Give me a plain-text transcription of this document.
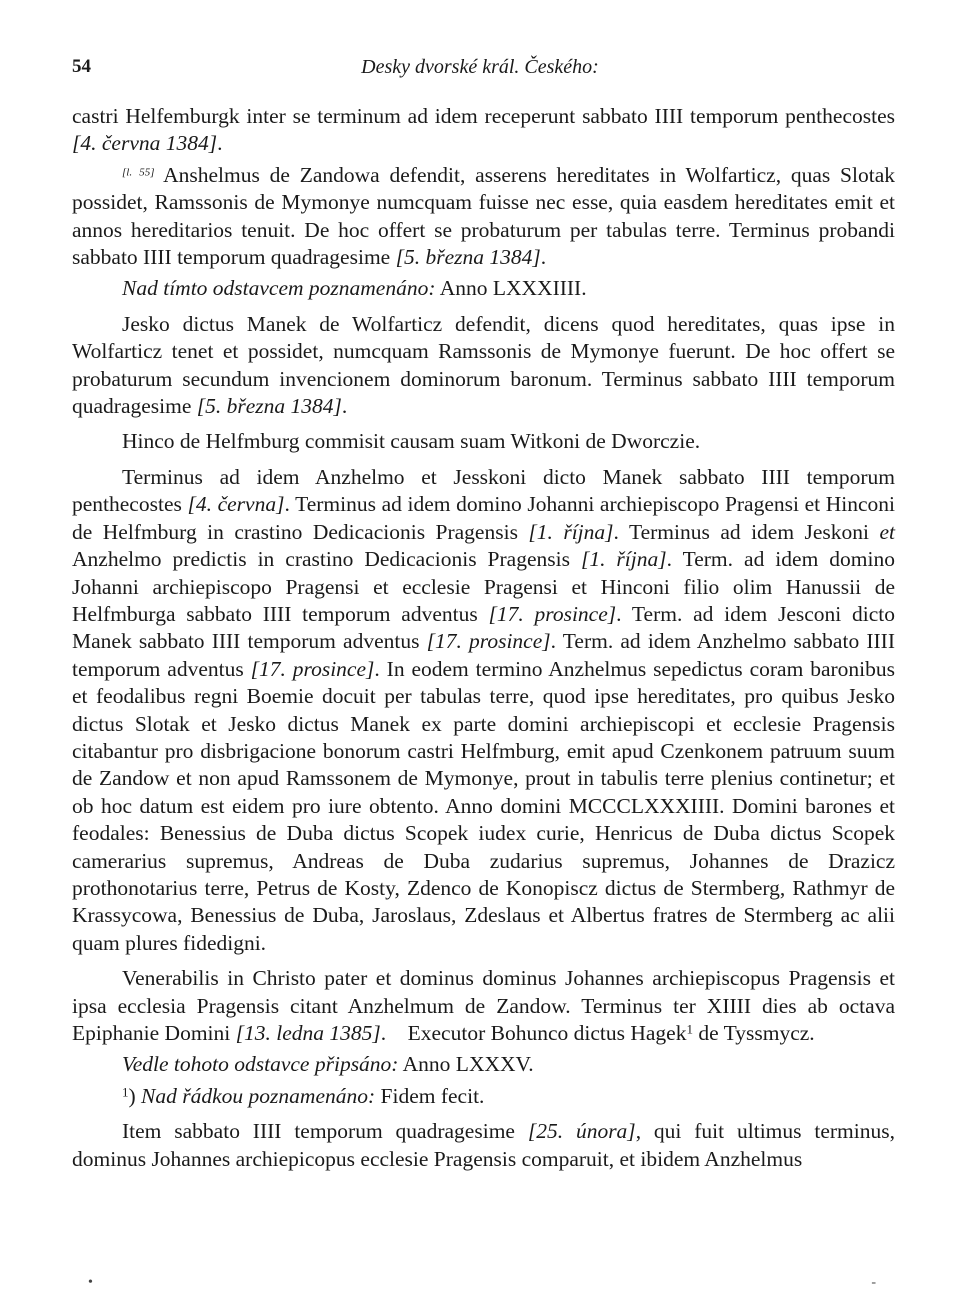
54	Desky dvorské král. Českého:

castri Helfemburgk inter se terminum ad idem receperunt sabbato IIII temporum penthecostes [4. června 1384].

[l. 55] Anshelmus de Zandowa defendit, asserens hereditates in Wolfarticz, quas Slotak possidet, Ramssonis de Mymonye numcquam fuisse nec esse, quia easdem hereditates emit et annos hereditarios tenuit. De hoc offert se probaturum per tabulas terre. Terminus probandi sabbato IIII temporum quadragesime [5. března 1384].

Nad tímto odstavcem poznamenáno: Anno LXXXIIII.

Jesko dictus Manek de Wolfarticz defendit, dicens quod hereditates, quas ipse in Wolfarticz tenet et possidet, numcquam Ramssonis de Mymonye fuerunt. De hoc offert se probaturum secundum invencionem dominorum baronum. Terminus sabbato IIII temporum quadragesime [5. března 1384].

Hinco de Helfmburg commisit causam suam Witkoni de Dworczie.

Terminus ad idem Anzhelmo et Jesskoni dicto Manek sabbato IIII temporum penthecostes [4. června]. Terminus ad idem domino Johanni archiepiscopo Pragensi et Hinconi de Helfmburg in crastino Dedicacionis Pragensis [1. října]. Terminus ad idem Jeskoni et Anzhelmo predictis in crastino Dedicacionis Pragensis [1. října]. Term. ad idem domino Johanni archiepiscopo Pragensi et ecclesie Pragensi et Hinconi filio olim Hanussii de Helfmburga sabbato IIII temporum adventus [17. prosince]. Term. ad idem Jesconi dicto Manek sabbato IIII temporum adventus [17. prosince]. Term. ad idem Anzhelmo sabbato IIII temporum adventus [17. prosince]. In eodem termino Anzhelmus sepedictus coram baronibus et feodalibus regni Boemie docuit per tabulas terre, quod ipse hereditates, pro quibus Jesko dictus Slotak et Jesko dictus Manek ex parte domini archiepiscopi et ecclesie Pragensis citabantur pro disbrigacione bonorum castri Helfmburg, emit apud Czenkonem patruum suum de Zandow et non apud Ramssonem de Mymonye, prout in tabulis terre plenius continetur; et ob hoc datum est eidem pro iure obtento. Anno domini MCCCLXXXIIII. Domini barones et feodales: Benessius de Duba dictus Scopek iudex curie, Henricus de Duba dictus Scopek camerarius supremus, Andreas de Duba zudarius supremus, Johannes de Drazicz prothonotarius terre, Petrus de Kosty, Zdenco de Konopiscz dictus de Stermberg, Rathmyr de Krassycowa, Benessius de Duba, Jaroslaus, Zdeslaus et Albertus fratres de Stermberg ac alii quam plures fidedigni.

Venerabilis in Christo pater et dominus dominus Johannes archiepiscopus Pragensis et ipsa ecclesia Pragensis citant Anzhelmum de Zandow. Terminus ter XIIII dies ab octava Epiphanie Domini [13. ledna 1385].    Executor Bohunco dictus Hagek$^1$ de Tyssmycz.

Vedle tohoto odstavce připsáno: Anno LXXXV.

$^1$) Nad řádkou poznamenáno: Fidem fecit.

Item sabbato IIII temporum quadragesime [25. února], qui fuit ultimus terminus, dominus Johannes archiepicopus ecclesie Pragensis comparuit, et ibidem Anzhelmus

•	-
